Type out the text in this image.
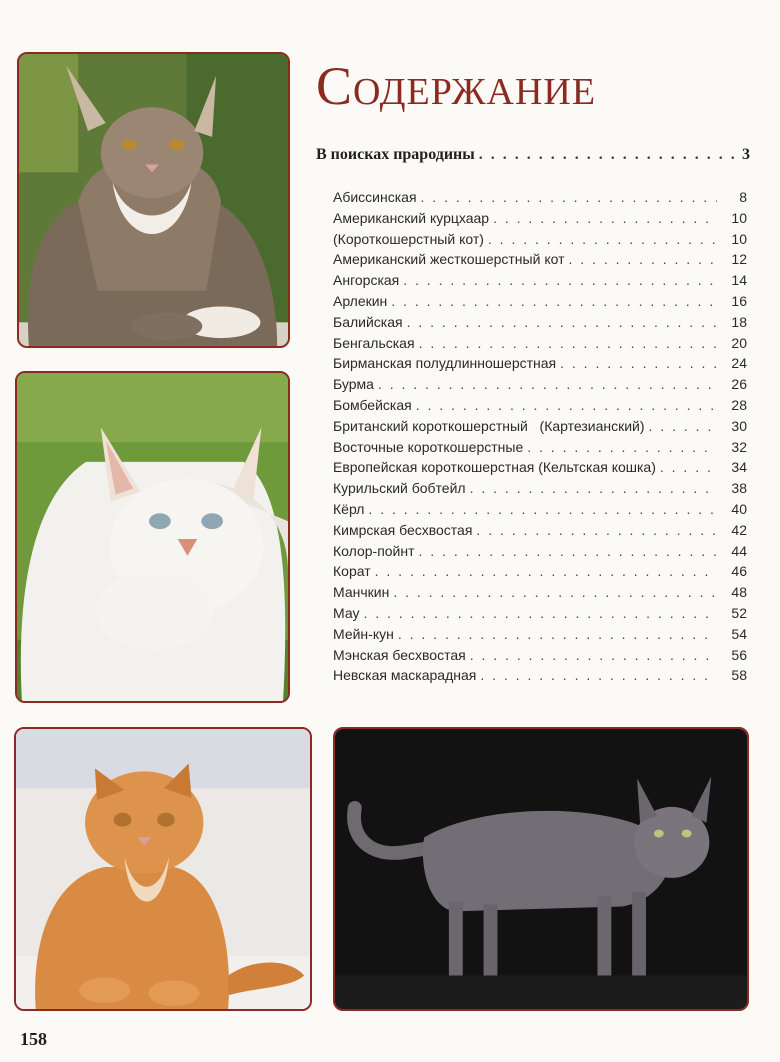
Содержание
В поисках прародины . . .	3
Абиссинская . . .	8
Американский курцхаар . . .	10
(Короткошерстный кот) . . .	10
Американский жесткошерстный кот . . .	12
Ангорская . . .	14
Арлекин . . .	16
Балийская . . .	18
Бенгальская . . .	20
Бирманская полудлинношерстная . . .	24
Бурма . . .	26
Бомбейская . . .	28
Британский короткошерстный   (Картезианский) . . .	30
Восточные короткошерстные . . .	32
Европейская короткошерстная (Кельтская кошка) . . .	34
Курильский бобтейл . . .	38
Кёрл . . .	40
Кимрская бесхвостая . . .	42
Колор-пойнт . . .	44
Корат . . .	46
Манчкин . . .	48
Мау . . .	52
Мейн-кун . . .	54
Мэнская бесхвостая . . .	56
Невская маскарадная . . .	58
158
